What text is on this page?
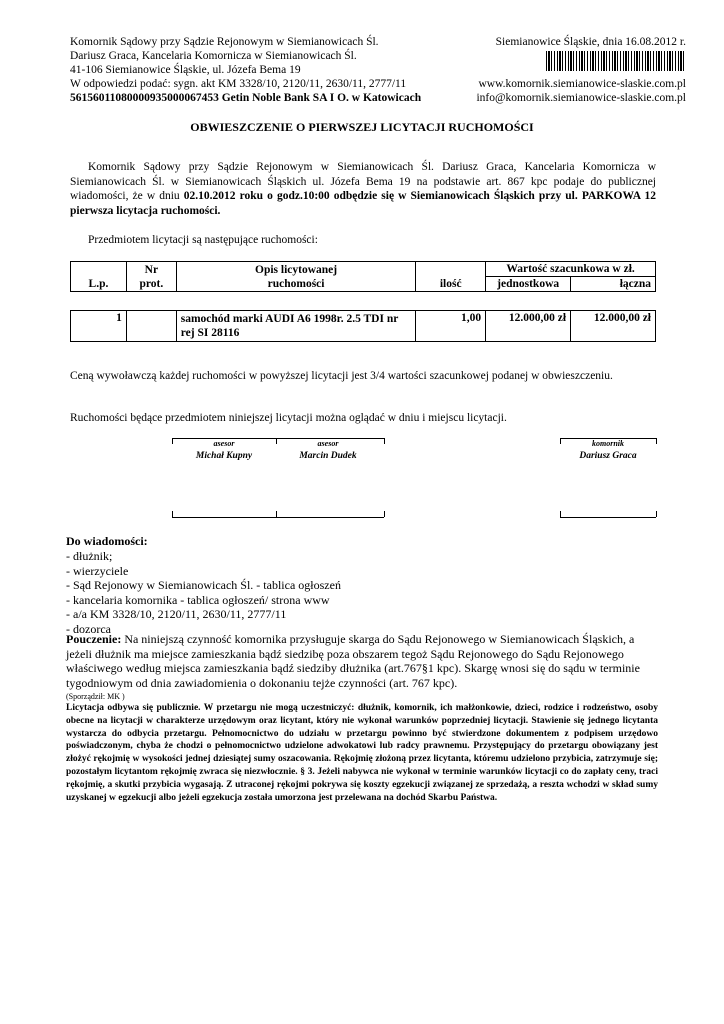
Komornik Sądowy przy Sądzie Rejonowym w Siemianowicach Śl.
Dariusz Graca, Kancelaria Komornicza w Siemianowicach Śl.
41-106 Siemianowice Śląskie, ul. Józefa Bema 19
W odpowiedzi podać: sygn. akt KM 3328/10, 2120/11, 2630/11, 2777/11
56156011080000935000067453 Getin Noble Bank SA I O. w Katowicach
Siemianowice Śląskie, dnia 16.08.2012 r.
www.komornik.siemianowice-slaskie.com.pl
info@komornik.siemianowice-slaskie.com.pl
OBWIESZCZENIE O PIERWSZEJ LICYTACJI RUCHOMOŚCI
Komornik Sądowy przy Sądzie Rejonowym w Siemianowicach Śl. Dariusz Graca, Kancelaria Komornicza w Siemianowicach Śl. w Siemianowicach Śląskich ul. Józefa Bema 19 na podstawie art. 867 kpc podaje do publicznej wiadomości, że w dniu 02.10.2012 roku o godz.10:00 odbędzie się w Siemianowicach Śląskich przy ul. PARKOWA 12 pierwsza licytacja ruchomości.
Przedmiotem licytacji są następujące ruchomości:
L.p.	Nr	Opis licytowanej	ilość	Wartość szacunkowa w zł.	
	prot.	ruchomości		jednostkowa	łączna
1		samochód marki AUDI A6 1998r. 2.5 TDI nr rej SI 28116	1,00	12.000,00 zł	12.000,00 zł
Ceną wywoławczą każdej ruchomości w powyższej licytacji jest 3/4 wartości szacunkowej podanej w obwieszczeniu.
Ruchomości będące przedmiotem niniejszej licytacji można oglądać w dniu i miejscu licytacji.
asesor
Michał Kupny
asesor
Marcin Dudek
komornik
Dariusz Graca
Do wiadomości:
- dłużnik;
- wierzyciele
- Sąd Rejonowy w Siemianowicach Śl. - tablica ogłoszeń
- kancelaria komornika - tablica ogłoszeń/ strona www
- a/a KM 3328/10, 2120/11, 2630/11, 2777/11
- dozorca
Pouczenie: Na niniejszą czynność komornika przysługuje skarga do Sądu Rejonowego w Siemianowicach Śląskich, a jeżeli dłużnik ma miejsce zamieszkania bądź siedzibę poza obszarem tegoż Sądu Rejonowego do Sądu Rejonowego właściwego według miejsca zamieszkania bądź siedziby dłużnika (art.767§1 kpc). Skargę wnosi się do sądu w terminie tygodniowym od dnia zawiadomienia o dokonaniu tejże czynności (art. 767 kpc).
(Sporządził: MK )
Licytacja odbywa się publicznie. W przetargu nie mogą uczestniczyć: dłużnik, komornik, ich małżonkowie, dzieci, rodzice i rodzeństwo, osoby obecne na licytacji w charakterze urzędowym oraz licytant, który nie wykonał warunków poprzedniej licytacji. Stawienie się jednego licytanta wystarcza do odbycia przetargu. Pełnomocnictwo do udziału w przetargu powinno być stwierdzone dokumentem z podpisem urzędowo poświadczonym, chyba że chodzi o pełnomocnictwo udzielone adwokatowi lub radcy prawnemu. Przystępujący do przetargu obowiązany jest złożyć rękojmię w wysokości jednej dziesiątej sumy oszacowania. Rękojmię złożoną przez licytanta, któremu udzielono przybicia, zatrzymuje się; pozostałym licytantom rękojmię zwraca się niezwłocznie. § 3. Jeżeli nabywca nie wykonał w terminie warunków licytacji co do zapłaty ceny, traci rękojmię, a skutki przybicia wygasają. Z utraconej rękojmi pokrywa się koszty egzekucji związanej ze sprzedażą, a reszta wchodzi w skład sumy uzyskanej w egzekucji albo jeżeli egzekucja została umorzona jest przelewana na dochód Skarbu Państwa.
